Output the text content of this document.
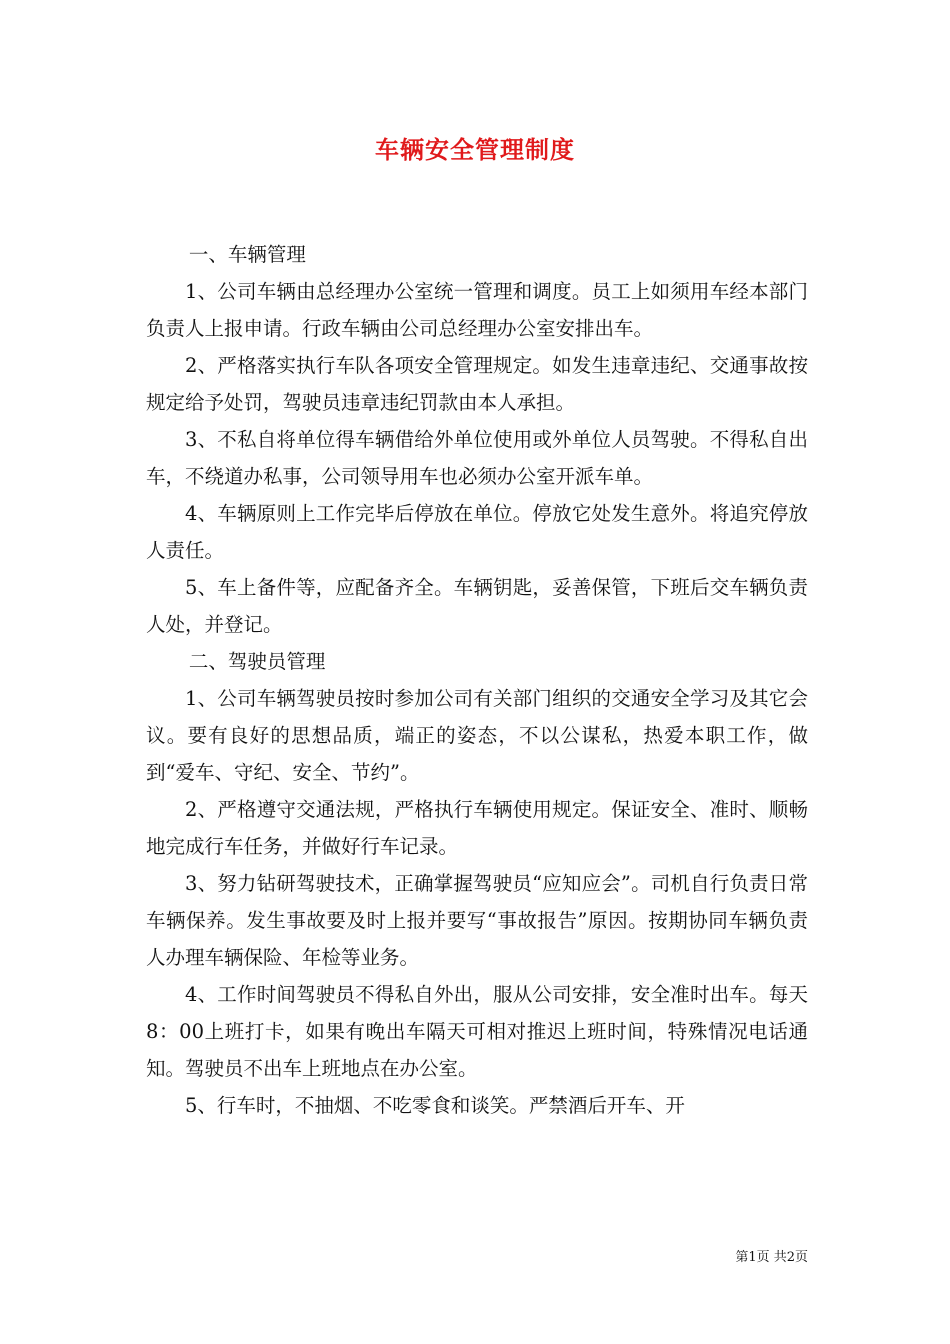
车辆安全管理制度

一、车辆管理

1、公司车辆由总经理办公室统一管理和调度。员工上如须用车经本部门负责人上报申请。行政车辆由公司总经理办公室安排出车。

2、严格落实执行车队各项安全管理规定。如发生违章违纪、交通事故按规定给予处罚，驾驶员违章违纪罚款由本人承担。

3、不私自将单位得车辆借给外单位使用或外单位人员驾驶。不得私自出车，不绕道办私事，公司领导用车也必须办公室开派车单。

4、车辆原则上工作完毕后停放在单位。停放它处发生意外。将追究停放人责任。

5、车上备件等，应配备齐全。车辆钥匙，妥善保管，下班后交车辆负责人处，并登记。

二、驾驶员管理

1、公司车辆驾驶员按时参加公司有关部门组织的交通安全学习及其它会议。要有良好的思想品质，端正的姿态，不以公谋私，热爱本职工作，做到“爱车、守纪、安全、节约”。

2、严格遵守交通法规，严格执行车辆使用规定。保证安全、准时、顺畅地完成行车任务，并做好行车记录。

3、努力钻研驾驶技术，正确掌握驾驶员“应知应会”。司机自行负责日常车辆保养。发生事故要及时上报并要写“事故报告”原因。按期协同车辆负责人办理车辆保险、年检等业务。

4、工作时间驾驶员不得私自外出，服从公司安排，安全准时出车。每天8：00上班打卡，如果有晚出车隔天可相对推迟上班时间，特殊情况电话通知。驾驶员不出车上班地点在办公室。

5、行车时，不抽烟、不吃零食和谈笑。严禁酒后开车、开

第1页 共2页
